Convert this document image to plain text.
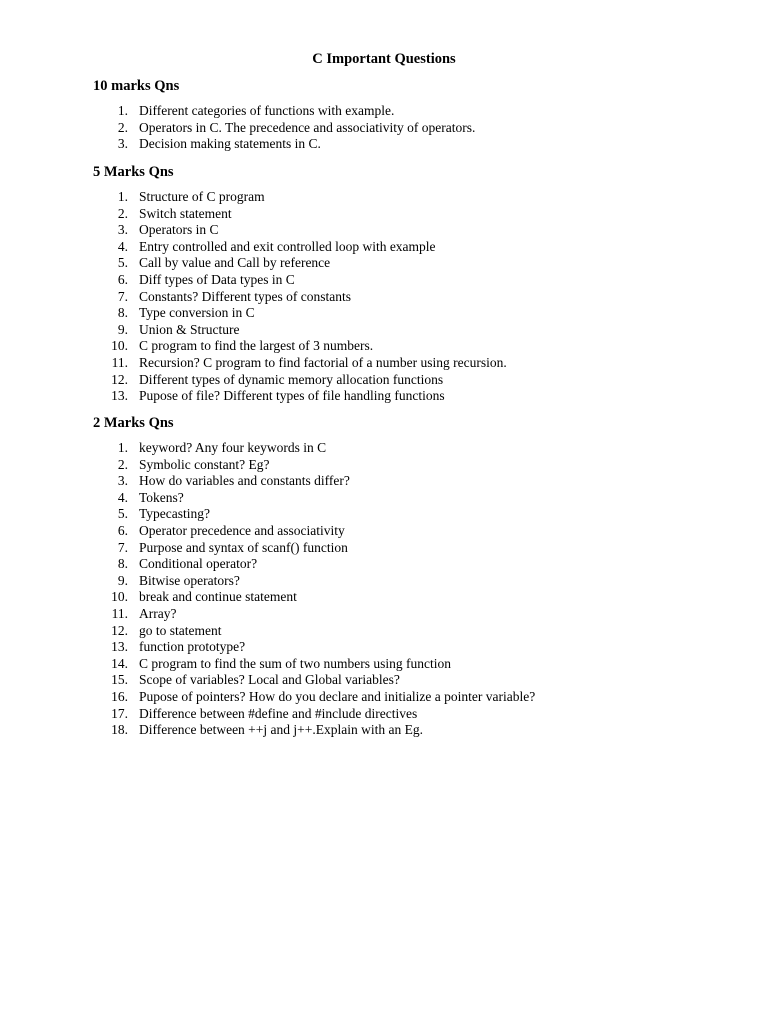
C Important Questions
10 marks Qns
1. Different categories of functions with example.
2. Operators in C. The precedence and associativity of operators.
3. Decision making statements in C.
5 Marks Qns
1. Structure of C program
2. Switch statement
3. Operators in C
4. Entry controlled and exit controlled loop with example
5. Call by value and Call by reference
6. Diff types of Data types in C
7. Constants? Different types of constants
8. Type conversion in C
9. Union & Structure
10. C program to find the largest of 3 numbers.
11. Recursion? C program to find factorial of a number using recursion.
12. Different types of dynamic memory allocation functions
13. Pupose of file? Different types of file handling functions
2 Marks Qns
1. keyword? Any four keywords in C
2. Symbolic constant? Eg?
3. How do variables and constants differ?
4. Tokens?
5. Typecasting?
6. Operator precedence and associativity
7. Purpose and syntax of scanf() function
8. Conditional operator?
9. Bitwise operators?
10. break and continue statement
11. Array?
12. go to statement
13. function prototype?
14. C program to find the sum of two numbers using function
15. Scope of variables? Local and Global variables?
16. Pupose of pointers? How do you declare and initialize a pointer variable?
17. Difference between #define and #include directives
18. Difference between ++j and j++.Explain with an Eg.
